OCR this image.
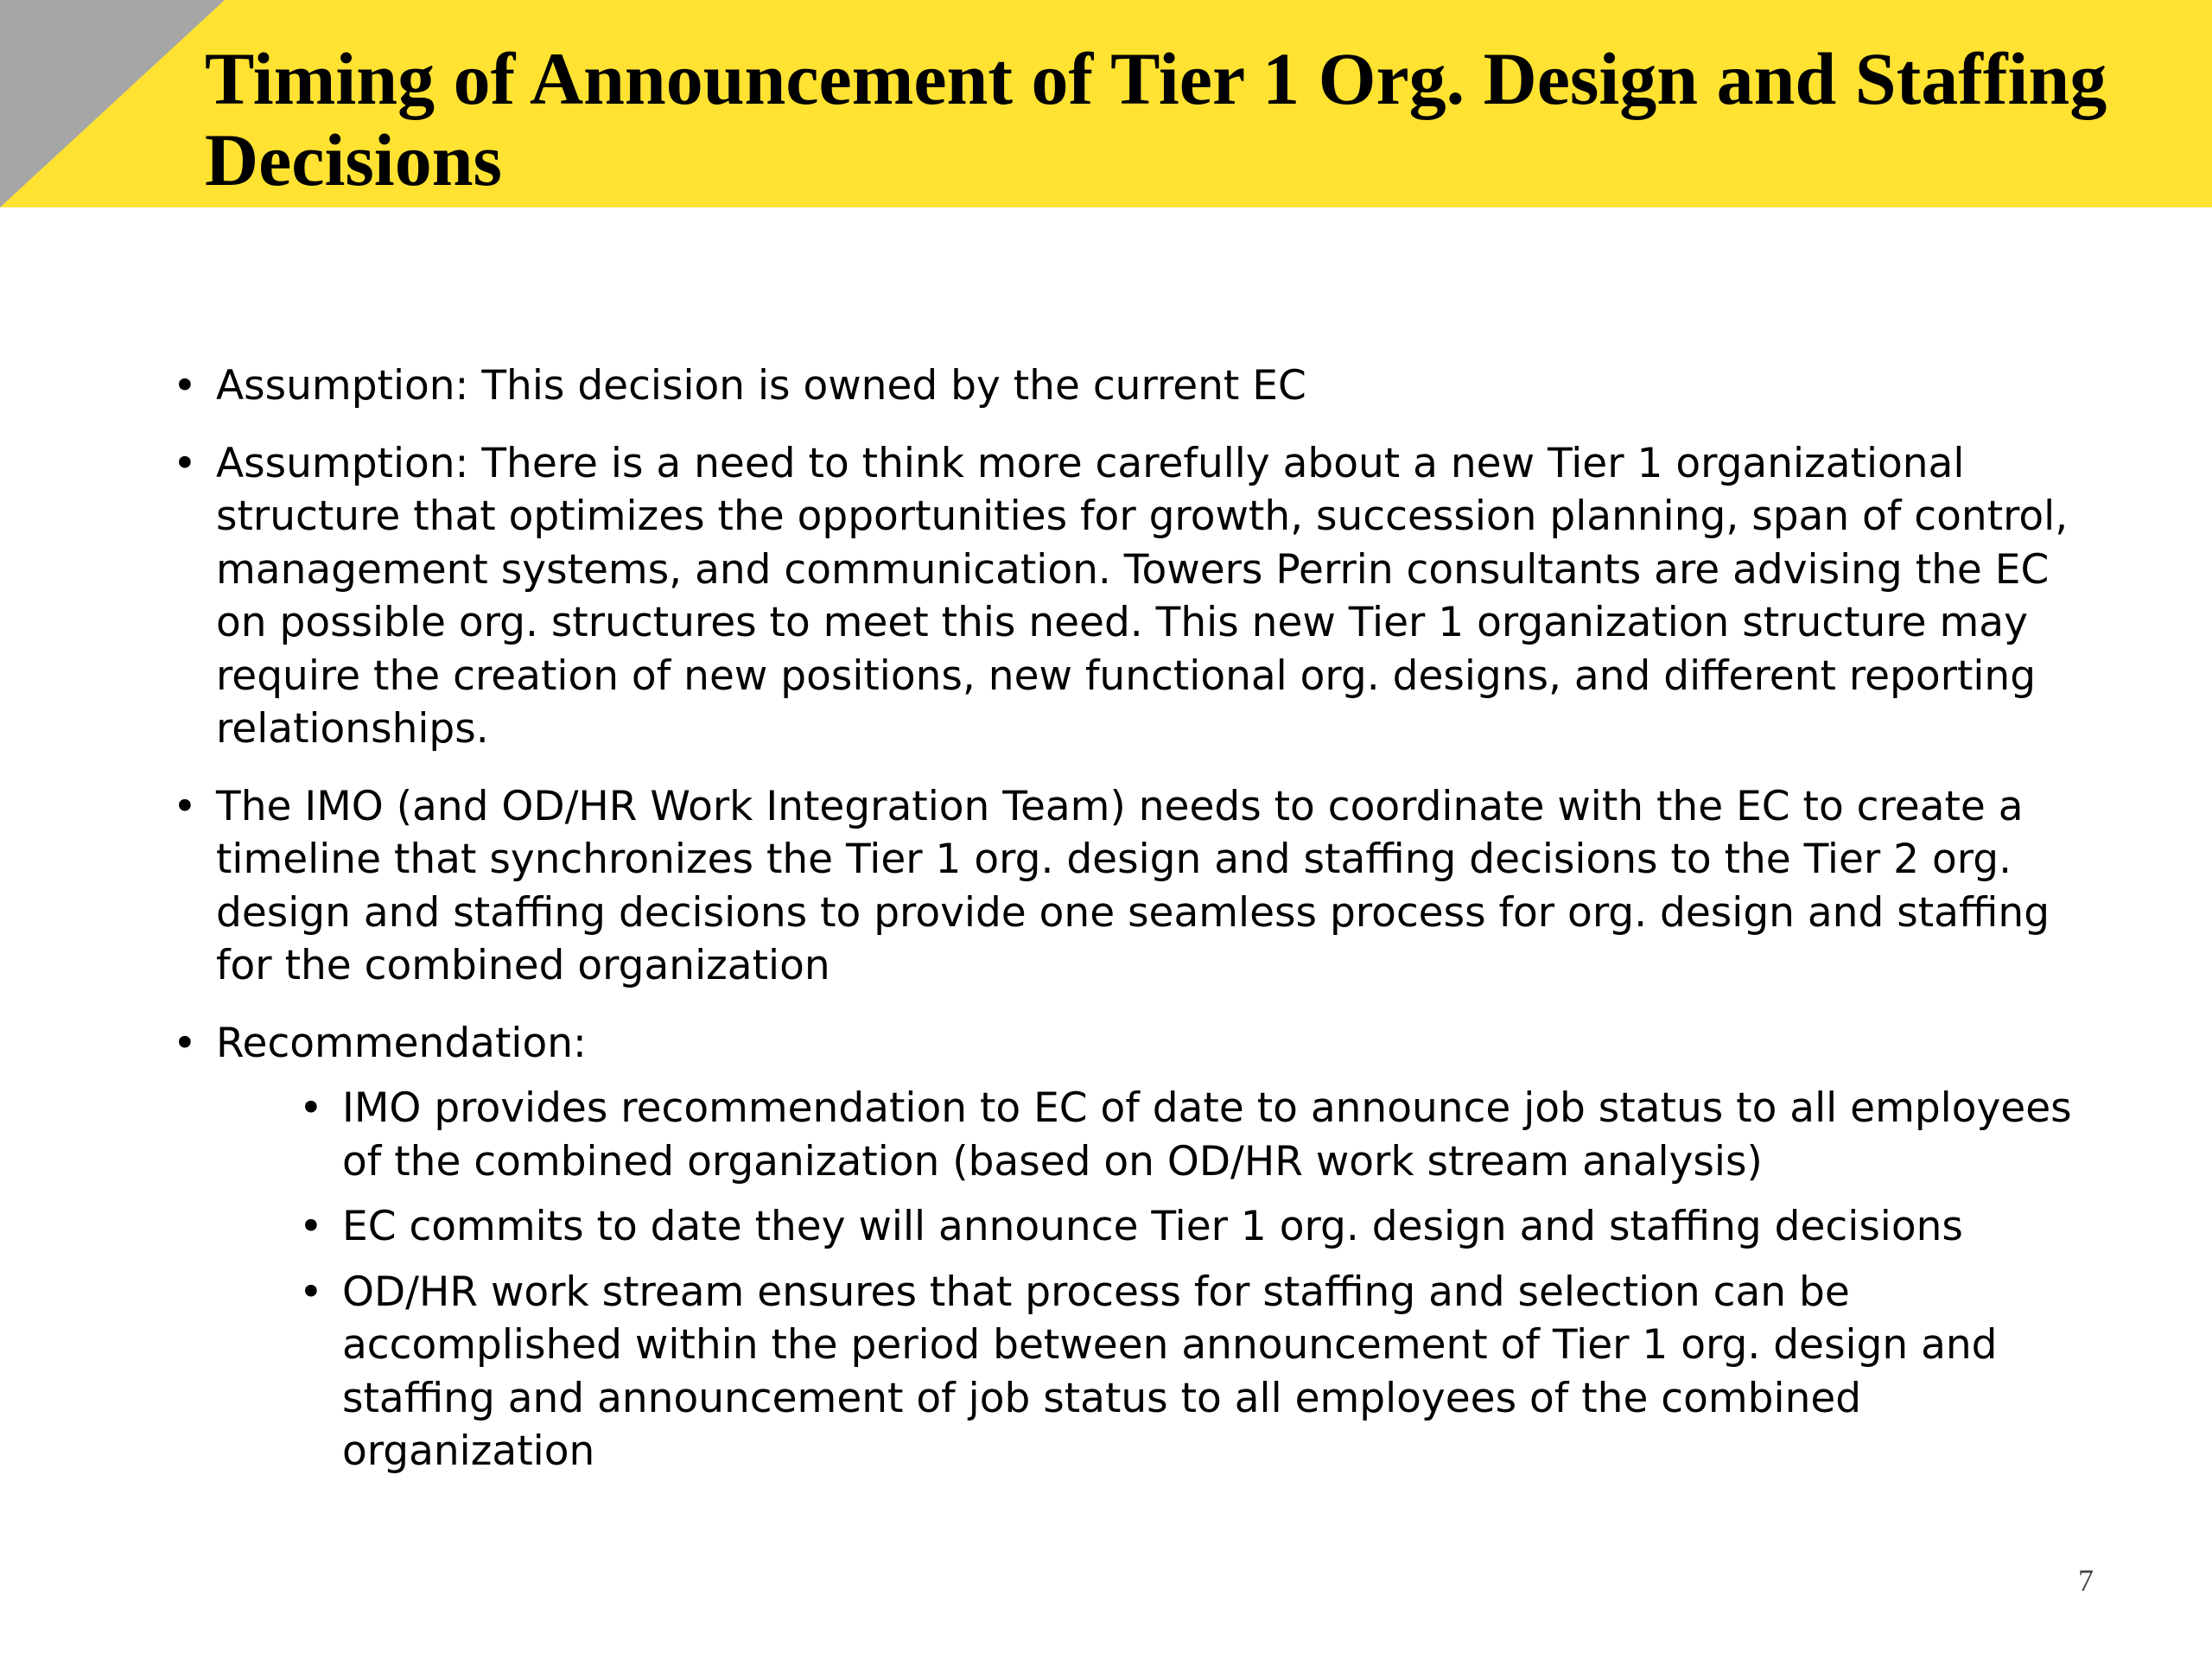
Timing of Announcement of Tier 1 Org. Design and Staffing Decisions
• Assumption: This decision is owned by the current EC
• Assumption: There is a need to think more carefully about a new Tier 1 organizational structure that optimizes the opportunities for growth, succession planning, span of control, management systems, and communication. Towers Perrin consultants are advising the EC on possible org. structures to meet this need. This new Tier 1 organization structure may require the creation of new positions, new functional org. designs, and different reporting relationships.
• The IMO (and OD/HR Work Integration Team) needs to coordinate with the EC to create a timeline that synchronizes the Tier 1 org. design and staffing decisions to the Tier 2 org. design and staffing decisions to provide one seamless process for org. design and staffing for the combined organization
• Recommendation:
• IMO provides recommendation to EC of date to announce job status to all employees of the combined organization (based on OD/HR work stream analysis)
• EC commits to date they will announce Tier 1 org. design and staffing decisions
• OD/HR work stream ensures that process for staffing and selection can be accomplished within the period between announcement of Tier 1 org. design and staffing and announcement of job status to all employees of the combined organization
7
